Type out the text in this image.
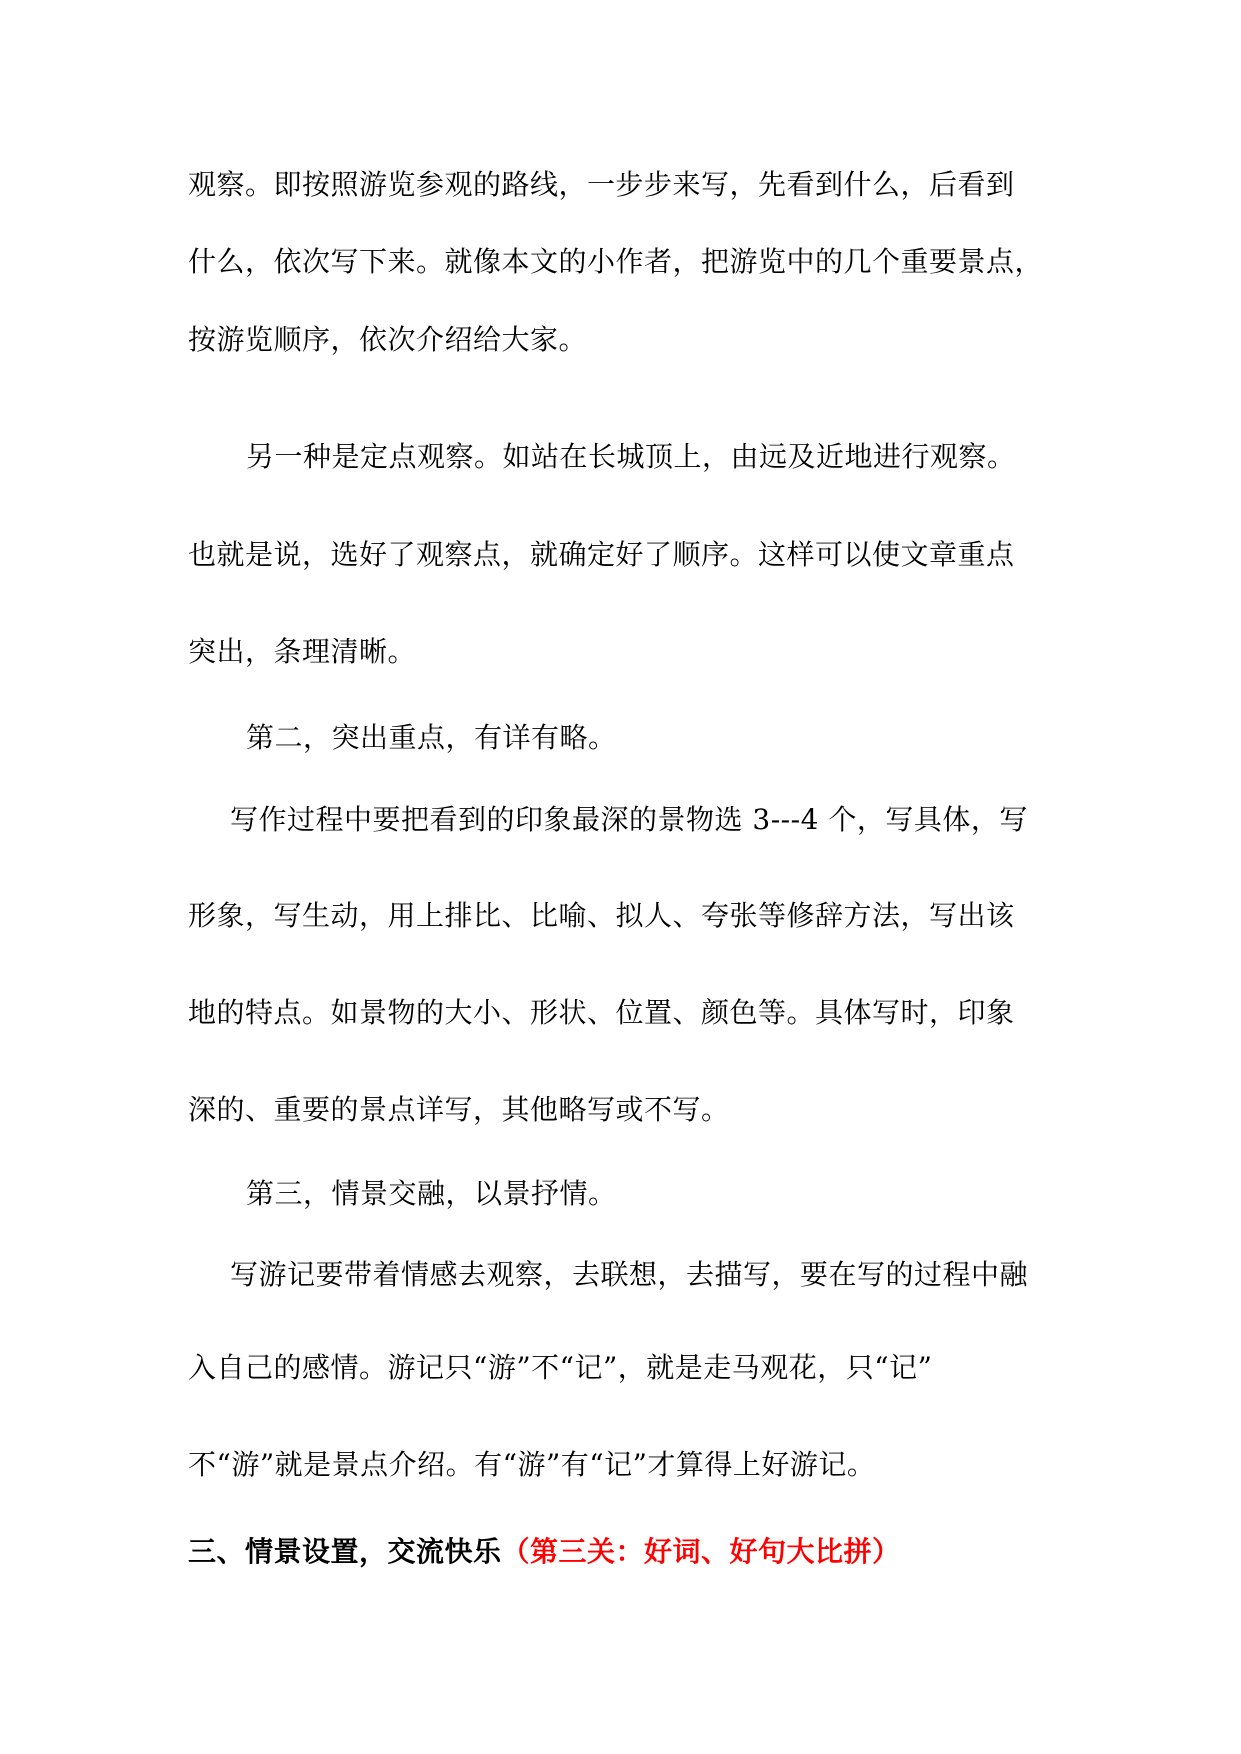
观察。即按照游览参观的路线，一步步来写，先看到什么，后看到
什么，依次写下来。就像本文的小作者，把游览中的几个重要景点，
按游览顺序，依次介绍给大家。
另一种是定点观察。如站在长城顶上，由远及近地进行观察。
也就是说，选好了观察点，就确定好了顺序。这样可以使文章重点
突出，条理清晰。
第二，突出重点，有详有略。
写作过程中要把看到的印象最深的景物选 3---4 个，写具体，写
形象，写生动，用上排比、比喻、拟人、夸张等修辞方法，写出该
地的特点。如景物的大小、形状、位置、颜色等。具体写时，印象
深的、重要的景点详写，其他略写或不写。
第三，情景交融，以景抒情。
写游记要带着情感去观察，去联想，去描写，要在写的过程中融
入自己的感情。游记只“游”不“记”，就是走马观花，只“记”
不“游”就是景点介绍。有“游”有“记”才算得上好游记。
三、情景设置，交流快乐（第三关：好词、好句大比拼）
